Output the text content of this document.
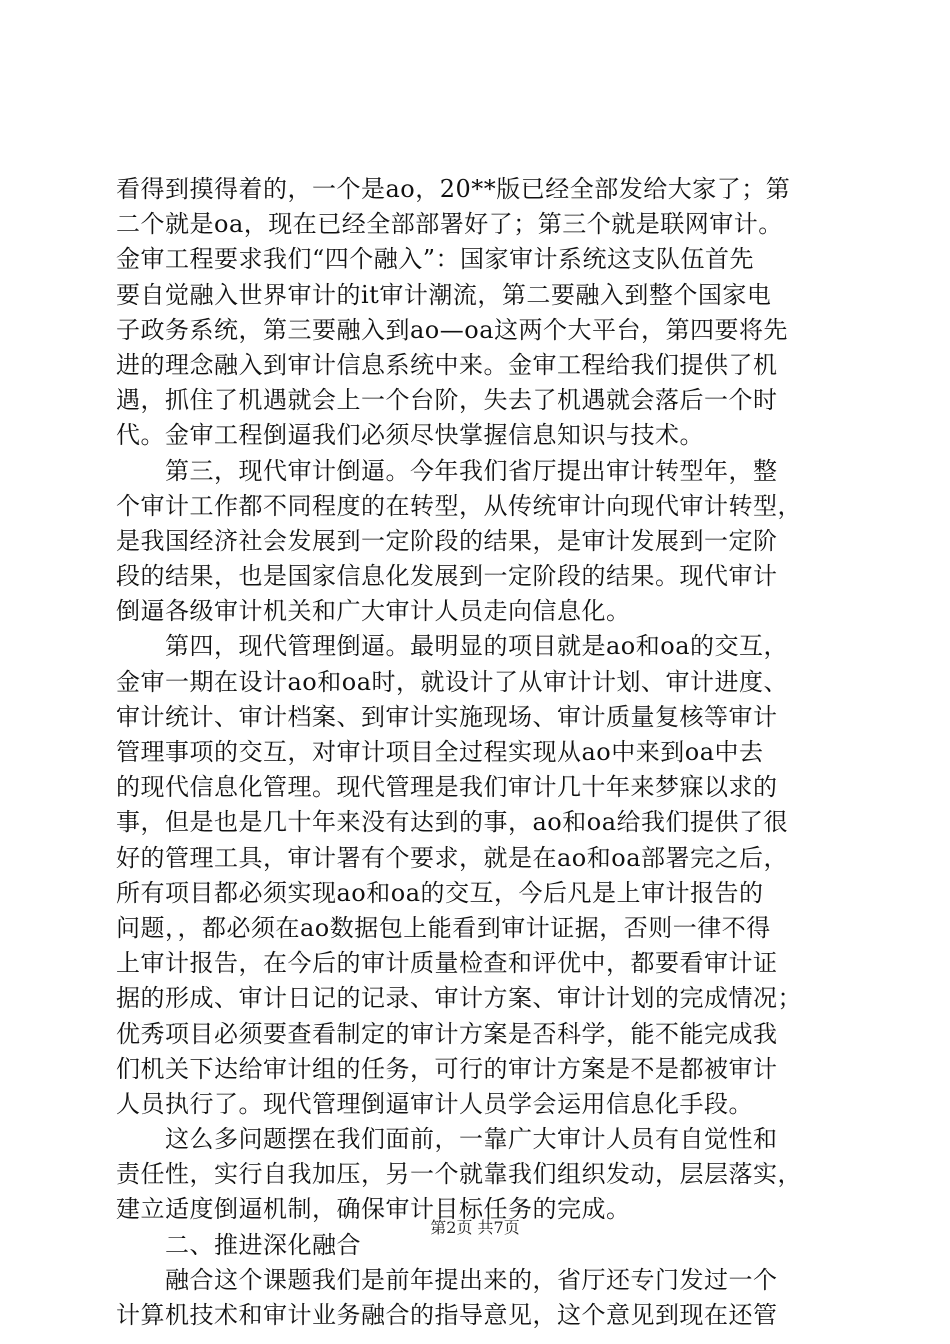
看得到摸得着的，一个是ao，20**版已经全部发给大家了；第
二个就是oa，现在已经全部部署好了；第三个就是联网审计。
金审工程要求我们“四个融入”：国家审计系统这支队伍首先
要自觉融入世界审计的it审计潮流，第二要融入到整个国家电
子政务系统，第三要融入到ao—oa这两个大平台，第四要将先
进的理念融入到审计信息系统中来。金审工程给我们提供了机
遇，抓住了机遇就会上一个台阶，失去了机遇就会落后一个时
代。金审工程倒逼我们必须尽快掌握信息知识与技术。
　　第三，现代审计倒逼。今年我们省厅提出审计转型年，整
个审计工作都不同程度的在转型，从传统审计向现代审计转型，
是我国经济社会发展到一定阶段的结果，是审计发展到一定阶
段的结果，也是国家信息化发展到一定阶段的结果。现代审计
倒逼各级审计机关和广大审计人员走向信息化。
　　第四，现代管理倒逼。最明显的项目就是ao和oa的交互，
金审一期在设计ao和oa时，就设计了从审计计划、审计进度、
审计统计、审计档案、到审计实施现场、审计质量复核等审计
管理事项的交互，对审计项目全过程实现从ao中来到oa中去
的现代信息化管理。现代管理是我们审计几十年来梦寐以求的
事，但是也是几十年来没有达到的事，ao和oa给我们提供了很
好的管理工具，审计署有个要求，就是在ao和oa部署完之后，
所有项目都必须实现ao和oa的交互，今后凡是上审计报告的
问题，，都必须在ao数据包上能看到审计证据，否则一律不得
上审计报告，在今后的审计质量检查和评优中，都要看审计证
据的形成、审计日记的记录、审计方案、审计计划的完成情况；
优秀项目必须要查看制定的审计方案是否科学，能不能完成我
们机关下达给审计组的任务，可行的审计方案是不是都被审计
人员执行了。现代管理倒逼审计人员学会运用信息化手段。
　　这么多问题摆在我们面前，一靠广大审计人员有自觉性和
责任性，实行自我加压，另一个就靠我们组织发动，层层落实，
建立适度倒逼机制，确保审计目标任务的完成。
　　二、推进深化融合
　　融合这个课题我们是前年提出来的，省厅还专门发过一个
计算机技术和审计业务融合的指导意见，这个意见到现在还管
第2页 共7页
